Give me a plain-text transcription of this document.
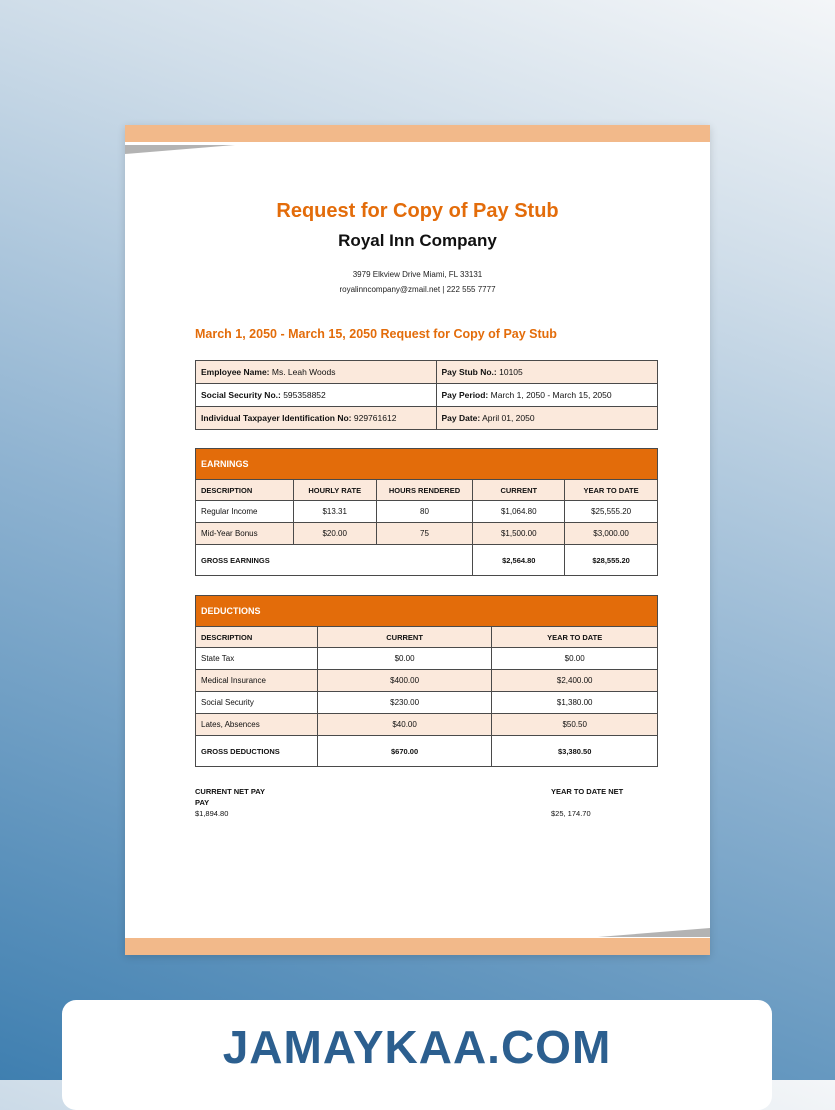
Request for Copy of Pay Stub
Royal Inn Company
3979 Elkview Drive Miami, FL 33131
royalinncompany@zmail.net | 222 555 7777
March 1, 2050 - March 15, 2050 Request for Copy of Pay Stub
Employee Name: Ms. Leah Woods	Pay Stub No.: 10105
Social Security No.: 595358852	Pay Period: March 1, 2050 - March 15, 2050
Individual Taxpayer Identification No: 929761612	Pay Date: April 01, 2050
EARNINGS				
DESCRIPTION	HOURLY RATE	HOURS RENDERED	CURRENT	YEAR TO DATE
Regular Income	$13.31	80	$1,064.80	$25,555.20
Mid-Year Bonus	$20.00	75	$1,500.00	$3,000.00
GROSS EARNINGS			$2,564.80	$28,555.20
DEDUCTIONS		
DESCRIPTION	CURRENT	YEAR TO DATE
State Tax	$0.00	$0.00
Medical Insurance	$400.00	$2,400.00
Social Security	$230.00	$1,380.00
Lates, Absences	$40.00	$50.50
GROSS DEDUCTIONS	$670.00	$3,380.50
CURRENT NET PAY
PAY
$1,894.80
YEAR TO DATE NET

$25, 174.70
JAMAYKAA.COM
